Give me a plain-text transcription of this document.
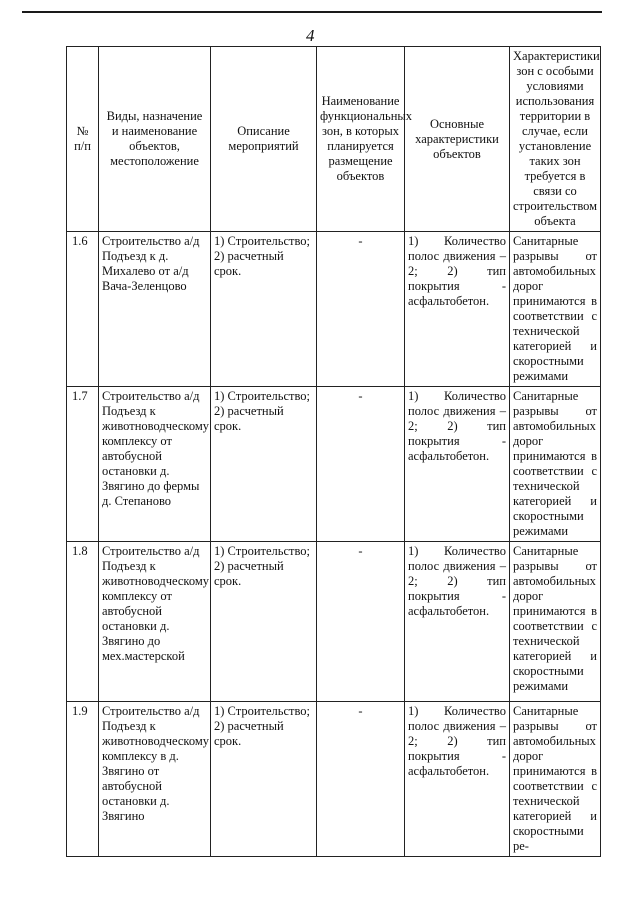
4
№ п/п	Виды, назначение и наименование объектов, местоположение	Описание мероприятий	Наименование функциональных зон, в которых планируется размещение объектов	Основные характеристики объектов	Характеристики зон с особыми условиями использования территории в случае, если установление таких зон требуется в связи со строительством объекта
1.6	Строительство а/д Подъезд к д. Михалево от а/д Вача-Зеленцово	1) Строительство; 2) расчетный срок.	-	1) Количество полос движения – 2; 2) тип покрытия - асфальтобетон.	Санитарные разрывы от автомобильных дорог принимаются в соответствии с технической категорией и скоростными режимами
1.7	Строительство а/д Подъезд к животноводческому комплексу от автобусной остановки д. Звягино до фермы д. Степаново	1) Строительство; 2) расчетный срок.	-	1) Количество полос движения – 2; 2) тип покрытия - асфальтобетон.	Санитарные разрывы от автомобильных дорог принимаются в соответствии с технической категорией и скоростными режимами
1.8	Строительство а/д Подъезд к животноводческому комплексу от автобусной остановки д. Звягино до мех.мастерской	1) Строительство; 2) расчетный срок.	-	1) Количество полос движения – 2; 2) тип покрытия - асфальтобетон.	Санитарные разрывы от автомобильных дорог принимаются в соответствии с технической категорией и скоростными режимами
1.9	Строительство а/д Подъезд к животноводческому комплексу в д. Звягино от автобусной остановки д. Звягино	1) Строительство; 2) расчетный срок.	-	1) Количество полос движения – 2; 2) тип покрытия - асфальтобетон.	Санитарные разрывы от автомобильных дорог принимаются в соответствии с технической категорией и скоростными ре-
